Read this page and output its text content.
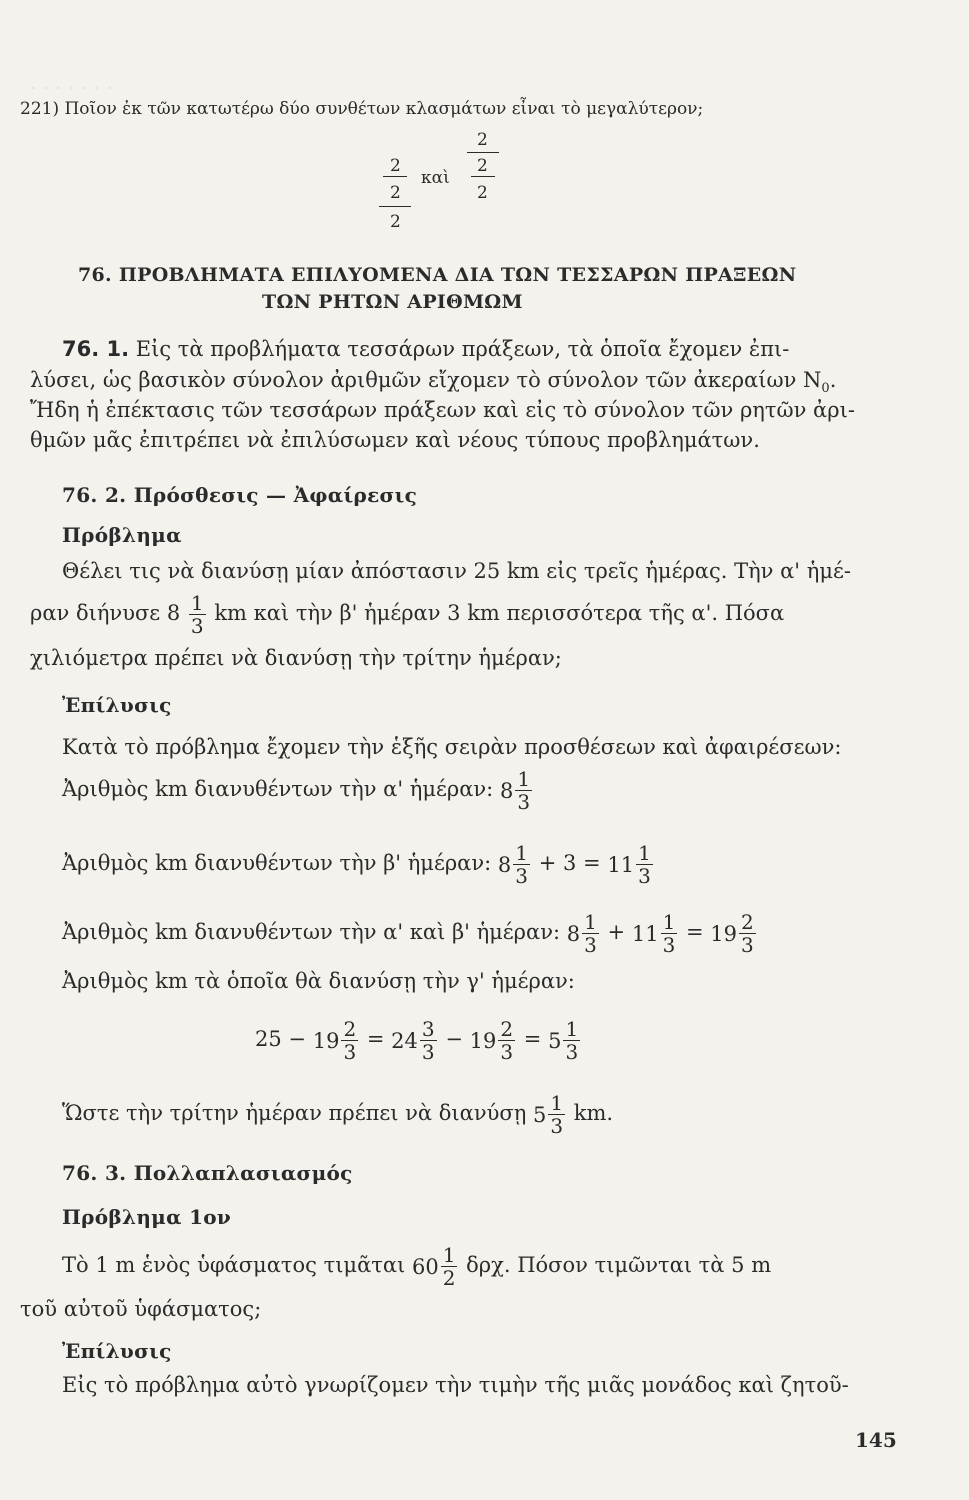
. . . . . . .
221) Ποῖον ἐκ τῶν κατωτέρω δύο συνθέτων κλασμάτων εἶναι τὸ μεγαλύτερον;
2
2
2
καὶ
2
2
2
76. ΠΡΟΒΛΗΜΑΤΑ ΕΠΙΛΥΟΜΕΝΑ ΔΙΑ ΤΩΝ ΤΕΣΣΑΡΩΝ ΠΡΑΞΕΩΝ
ΤΩΝ ΡΗΤΩΝ ΑΡΙΘΜΩΜ
76. 1. Εἰς τὰ προβλήματα τεσσάρων πράξεων, τὰ ὁποῖα ἔχομεν ἐπι-
λύσει, ὡς βασικὸν σύνολον ἀριθμῶν εἴχομεν τὸ σύνολον τῶν ἀκεραίων $N_0$.
Ἤδη ἡ ἐπέκτασις τῶν τεσσάρων πράξεων καὶ εἰς τὸ σύνολον τῶν ρητῶν ἀρι-
θμῶν μᾶς ἐπιτρέπει νὰ ἐπιλύσωμεν καὶ νέους τύπους προβλημάτων.
76. 2. Πρόσθεσις — Ἀφαίρεσις
Πρόβλημα
Θέλει τις νὰ διανύσῃ μίαν ἀπόστασιν 25 km εἰς τρεῖς ἡμέρας. Τὴν α' ἡμέ-
ραν διήνυσε $8 \frac{1}{3}$ km καὶ τὴν β' ἡμέραν 3 km περισσότερα τῆς α'. Πόσα
χιλιόμετρα πρέπει νὰ διανύσῃ τὴν τρίτην ἡμέραν;
Ἐπίλυσις
Κατὰ τὸ πρόβλημα ἔχομεν τὴν ἑξῆς σειρὰν προσθέσεων καὶ ἀφαιρέσεων:
Ἀριθμὸς km διανυθέντων τὴν α' ἡμέραν: $8 \frac{1}{3}$
Ἀριθμὸς km διανυθέντων τὴν β' ἡμέραν: $8 \frac{1}{3} + 3 = 11 \frac{1}{3}$
Ἀριθμὸς km διανυθέντων τὴν α' καὶ β' ἡμέραν: $8 \frac{1}{3} + 11 \frac{1}{3} = 19 \frac{2}{3}$
Ἀριθμὸς km τὰ ὁποῖα θὰ διανύσῃ τὴν γ' ἡμέραν:
$25 - 19 \frac{2}{3} = 24 \frac{3}{3} - 19 \frac{2}{3} = 5 \frac{1}{3}$
Ὥστε τὴν τρίτην ἡμέραν πρέπει νὰ διανύσῃ $5 \frac{1}{3}$ km.
76. 3. Πολλαπλασιασμός
Πρόβλημα 1ον
Τὸ 1 m ἑνὸς ὑφάσματος τιμᾶται $60 \frac{1}{2} \delta\rho\chi$. Πόσον τιμῶνται τὰ 5 m
τοῦ αὐτοῦ ὑφάσματος;
Ἐπίλυσις
Εἰς τὸ πρόβλημα αὐτὸ γνωρίζομεν τὴν τιμὴν τῆς μιᾶς μονάδος καὶ ζητοῦ-
145
